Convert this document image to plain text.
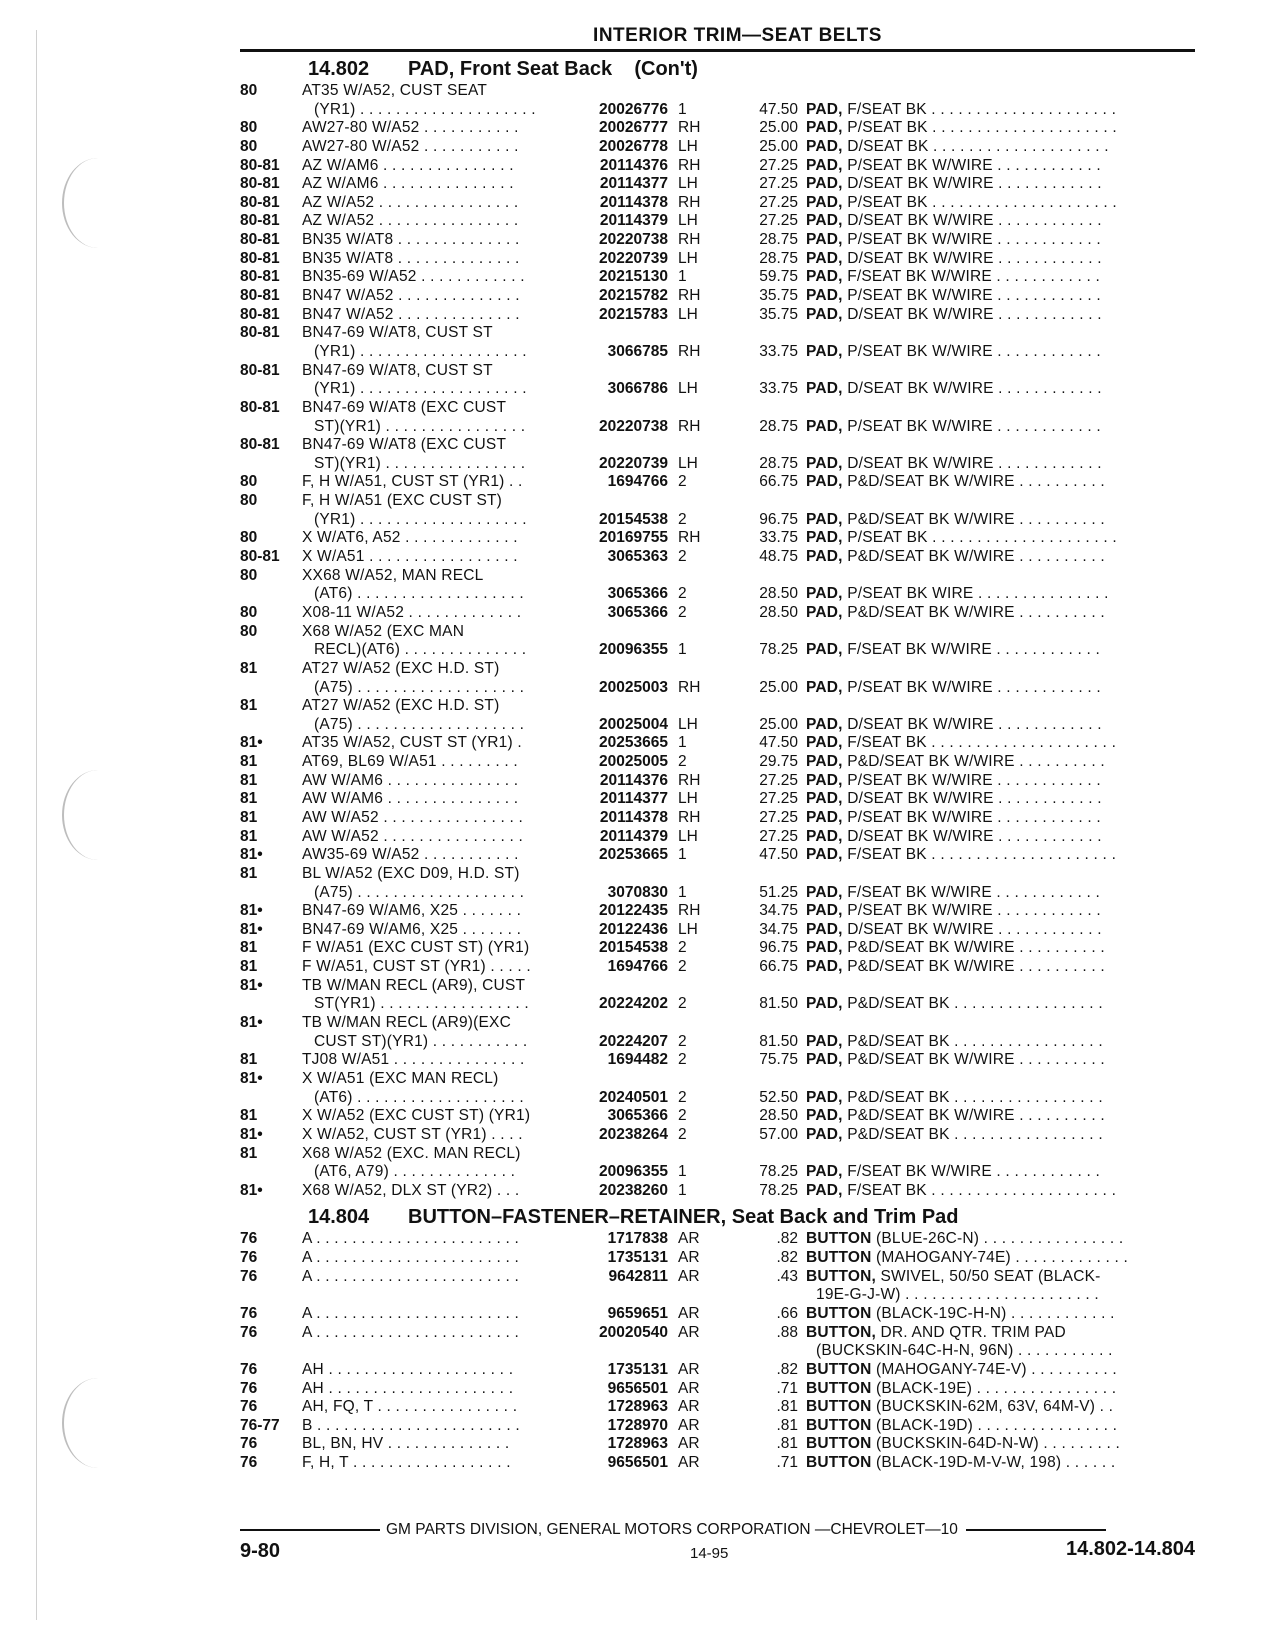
INTERIOR TRIM—SEAT BELTS
14.802 PAD, Front Seat Back    (Con't)
80	AT35 W/A52, CUST SEAT
(YR1) . . . . . . . . . . . . . . . . . . . .	20026776 1	47.50 PAD, F/SEAT BK . . . . . . . . . . . . . . . . . . . . .
80	AW27-80 W/A52 . . . . . . . . . . .	20026777 RH	25.00 PAD, P/SEAT BK . . . . . . . . . . . . . . . . . . . . .
80	AW27-80 W/A52 . . . . . . . . . . .	20026778 LH	25.00 PAD, D/SEAT BK . . . . . . . . . . . . . . . . . . . .
80-81	AZ W/AM6 . . . . . . . . . . . . . . .	20114376 RH	27.25 PAD, P/SEAT BK W/WIRE . . . . . . . . . . . .
80-81	AZ W/AM6 . . . . . . . . . . . . . . .	20114377 LH	27.25 PAD, D/SEAT BK W/WIRE . . . . . . . . . . . .
80-81	AZ W/A52 . . . . . . . . . . . . . . . .	20114378 RH	27.25 PAD, P/SEAT BK . . . . . . . . . . . . . . . . . . . . .
80-81	AZ W/A52 . . . . . . . . . . . . . . . .	20114379 LH	27.25 PAD, D/SEAT BK W/WIRE . . . . . . . . . . . .
80-81	BN35 W/AT8 . . . . . . . . . . . . . .	20220738 RH	28.75 PAD, P/SEAT BK W/WIRE . . . . . . . . . . . .
80-81	BN35 W/AT8 . . . . . . . . . . . . . .	20220739 LH	28.75 PAD, D/SEAT BK W/WIRE . . . . . . . . . . . .
80-81	BN35-69 W/A52 . . . . . . . . . . . .	20215130 1	59.75 PAD, F/SEAT BK W/WIRE . . . . . . . . . . . .
80-81	BN47 W/A52 . . . . . . . . . . . . . .	20215782 RH	35.75 PAD, P/SEAT BK W/WIRE . . . . . . . . . . . .
80-81	BN47 W/A52 . . . . . . . . . . . . . .	20215783 LH	35.75 PAD, D/SEAT BK W/WIRE . . . . . . . . . . . .
80-81	BN47-69 W/AT8, CUST ST
(YR1) . . . . . . . . . . . . . . . . . . .	3066785 RH	33.75 PAD, P/SEAT BK W/WIRE . . . . . . . . . . . .
80-81	BN47-69 W/AT8, CUST ST
(YR1) . . . . . . . . . . . . . . . . . . .	3066786 LH	33.75 PAD, D/SEAT BK W/WIRE . . . . . . . . . . . .
80-81	BN47-69 W/AT8 (EXC CUST
ST)(YR1) . . . . . . . . . . . . . . . .	20220738 RH	28.75 PAD, P/SEAT BK W/WIRE . . . . . . . . . . . .
80-81	BN47-69 W/AT8 (EXC CUST
ST)(YR1) . . . . . . . . . . . . . . . .	20220739 LH	28.75 PAD, D/SEAT BK W/WIRE . . . . . . . . . . . .
80	F, H W/A51, CUST ST (YR1) . .	1694766 2	66.75 PAD, P&D/SEAT BK W/WIRE . . . . . . . . . .
80	F, H W/A51 (EXC CUST ST)
(YR1) . . . . . . . . . . . . . . . . . . .	20154538 2	96.75 PAD, P&D/SEAT BK W/WIRE . . . . . . . . . .
80	X W/AT6, A52 . . . . . . . . . . . . .	20169755 RH	33.75 PAD, P/SEAT BK . . . . . . . . . . . . . . . . . . . . .
80-81	X W/A51 . . . . . . . . . . . . . . . . .	3065363 2	48.75 PAD, P&D/SEAT BK W/WIRE . . . . . . . . . .
80	XX68 W/A52, MAN RECL
(AT6) . . . . . . . . . . . . . . . . . . .	3065366 2	28.50 PAD, P/SEAT BK WIRE . . . . . . . . . . . . . . .
80	X08-11 W/A52 . . . . . . . . . . . . .	3065366 2	28.50 PAD, P&D/SEAT BK W/WIRE . . . . . . . . . .
80	X68 W/A52 (EXC MAN
RECL)(AT6) . . . . . . . . . . . . . .	20096355 1	78.25 PAD, F/SEAT BK W/WIRE . . . . . . . . . . . .
81	AT27 W/A52 (EXC H.D. ST)
(A75) . . . . . . . . . . . . . . . . . . .	20025003 RH	25.00 PAD, P/SEAT BK W/WIRE . . . . . . . . . . . .
81	AT27 W/A52 (EXC H.D. ST)
(A75) . . . . . . . . . . . . . . . . . . .	20025004 LH	25.00 PAD, D/SEAT BK W/WIRE . . . . . . . . . . . .
81•	AT35 W/A52, CUST ST (YR1) .	20253665 1	47.50 PAD, F/SEAT BK . . . . . . . . . . . . . . . . . . . . .
81	AT69, BL69 W/A51 . . . . . . . . .	20025005 2	29.75 PAD, P&D/SEAT BK W/WIRE . . . . . . . . . .
81	AW W/AM6 . . . . . . . . . . . . . . .	20114376 RH	27.25 PAD, P/SEAT BK W/WIRE . . . . . . . . . . . .
81	AW W/AM6 . . . . . . . . . . . . . . .	20114377 LH	27.25 PAD, D/SEAT BK W/WIRE . . . . . . . . . . . .
81	AW W/A52 . . . . . . . . . . . . . . . .	20114378 RH	27.25 PAD, P/SEAT BK W/WIRE . . . . . . . . . . . .
81	AW W/A52 . . . . . . . . . . . . . . . .	20114379 LH	27.25 PAD, D/SEAT BK W/WIRE . . . . . . . . . . . .
81•	AW35-69 W/A52 . . . . . . . . . . .	20253665 1	47.50 PAD, F/SEAT BK . . . . . . . . . . . . . . . . . . . . .
81	BL W/A52 (EXC D09, H.D. ST)
(A75) . . . . . . . . . . . . . . . . . . .	3070830 1	51.25 PAD, F/SEAT BK W/WIRE . . . . . . . . . . . .
81•	BN47-69 W/AM6, X25 . . . . . . .	20122435 RH	34.75 PAD, P/SEAT BK W/WIRE . . . . . . . . . . . .
81•	BN47-69 W/AM6, X25 . . . . . . .	20122436 LH	34.75 PAD, D/SEAT BK W/WIRE . . . . . . . . . . . .
81	F W/A51 (EXC CUST ST) (YR1)	20154538 2	96.75 PAD, P&D/SEAT BK W/WIRE . . . . . . . . . .
81	F W/A51, CUST ST (YR1) . . . . .	1694766 2	66.75 PAD, P&D/SEAT BK W/WIRE . . . . . . . . . .
81•	TB W/MAN RECL (AR9), CUST
ST(YR1) . . . . . . . . . . . . . . . . .	20224202 2	81.50 PAD, P&D/SEAT BK . . . . . . . . . . . . . . . . .
81•	TB W/MAN RECL (AR9)(EXC
CUST ST)(YR1) . . . . . . . . . . .	20224207 2	81.50 PAD, P&D/SEAT BK . . . . . . . . . . . . . . . . .
81	TJ08 W/A51 . . . . . . . . . . . . . . .	1694482 2	75.75 PAD, P&D/SEAT BK W/WIRE . . . . . . . . . .
81•	X W/A51 (EXC MAN RECL)
(AT6) . . . . . . . . . . . . . . . . . . .	20240501 2	52.50 PAD, P&D/SEAT BK . . . . . . . . . . . . . . . . .
81	X W/A52 (EXC CUST ST) (YR1)	3065366 2	28.50 PAD, P&D/SEAT BK W/WIRE . . . . . . . . . .
81•	X W/A52, CUST ST (YR1) . . . .	20238264 2	57.00 PAD, P&D/SEAT BK . . . . . . . . . . . . . . . . .
81	X68 W/A52 (EXC. MAN RECL)
(AT6, A79) . . . . . . . . . . . . . .	20096355 1	78.25 PAD, F/SEAT BK W/WIRE . . . . . . . . . . . .
81•	X68 W/A52, DLX ST (YR2) . . .	20238260 1	78.25 PAD, F/SEAT BK . . . . . . . . . . . . . . . . . . . . .
14.804 BUTTON–FASTENER–RETAINER, Seat Back and Trim Pad
76	A . . . . . . . . . . . . . . . . . . . . . . .	1717838 AR	.82 BUTTON (BLUE-26C-N) . . . . . . . . . . . . . . . .
76	A . . . . . . . . . . . . . . . . . . . . . . .	1735131 AR	.82 BUTTON (MAHOGANY-74E) . . . . . . . . . . . . .
76	A . . . . . . . . . . . . . . . . . . . . . . .	9642811 AR	.43 BUTTON, SWIVEL, 50/50 SEAT (BLACK-
19E-G-J-W) . . . . . . . . . . . . . . . . . . . . . .
76	A . . . . . . . . . . . . . . . . . . . . . . .	9659651 AR	.66 BUTTON (BLACK-19C-H-N) . . . . . . . . . . . .
76	A . . . . . . . . . . . . . . . . . . . . . . .	20020540 AR	.88 BUTTON, DR. AND QTR. TRIM PAD
(BUCKSKIN-64C-H-N, 96N) . . . . . . . . . . .
76	AH . . . . . . . . . . . . . . . . . . . . .	1735131 AR	.82 BUTTON (MAHOGANY-74E-V) . . . . . . . . . .
76	AH . . . . . . . . . . . . . . . . . . . . .	9656501 AR	.71 BUTTON (BLACK-19E) . . . . . . . . . . . . . . . .
76	AH, FQ, T . . . . . . . . . . . . . . . .	1728963 AR	.81 BUTTON (BUCKSKIN-62M, 63V, 64M-V) . .
76-77	B . . . . . . . . . . . . . . . . . . . . . . .	1728970 AR	.81 BUTTON (BLACK-19D) . . . . . . . . . . . . . . . .
76	BL, BN, HV . . . . . . . . . . . . . .	1728963 AR	.81 BUTTON (BUCKSKIN-64D-N-W) . . . . . . . . .
76	F, H, T . . . . . . . . . . . . . . . . . .	9656501 AR	.71 BUTTON (BLACK-19D-M-V-W, 198) . . . . . .
GM PARTS DIVISION, GENERAL MOTORS CORPORATION —CHEVROLET—10
9-80	14-95	14.802-14.804
